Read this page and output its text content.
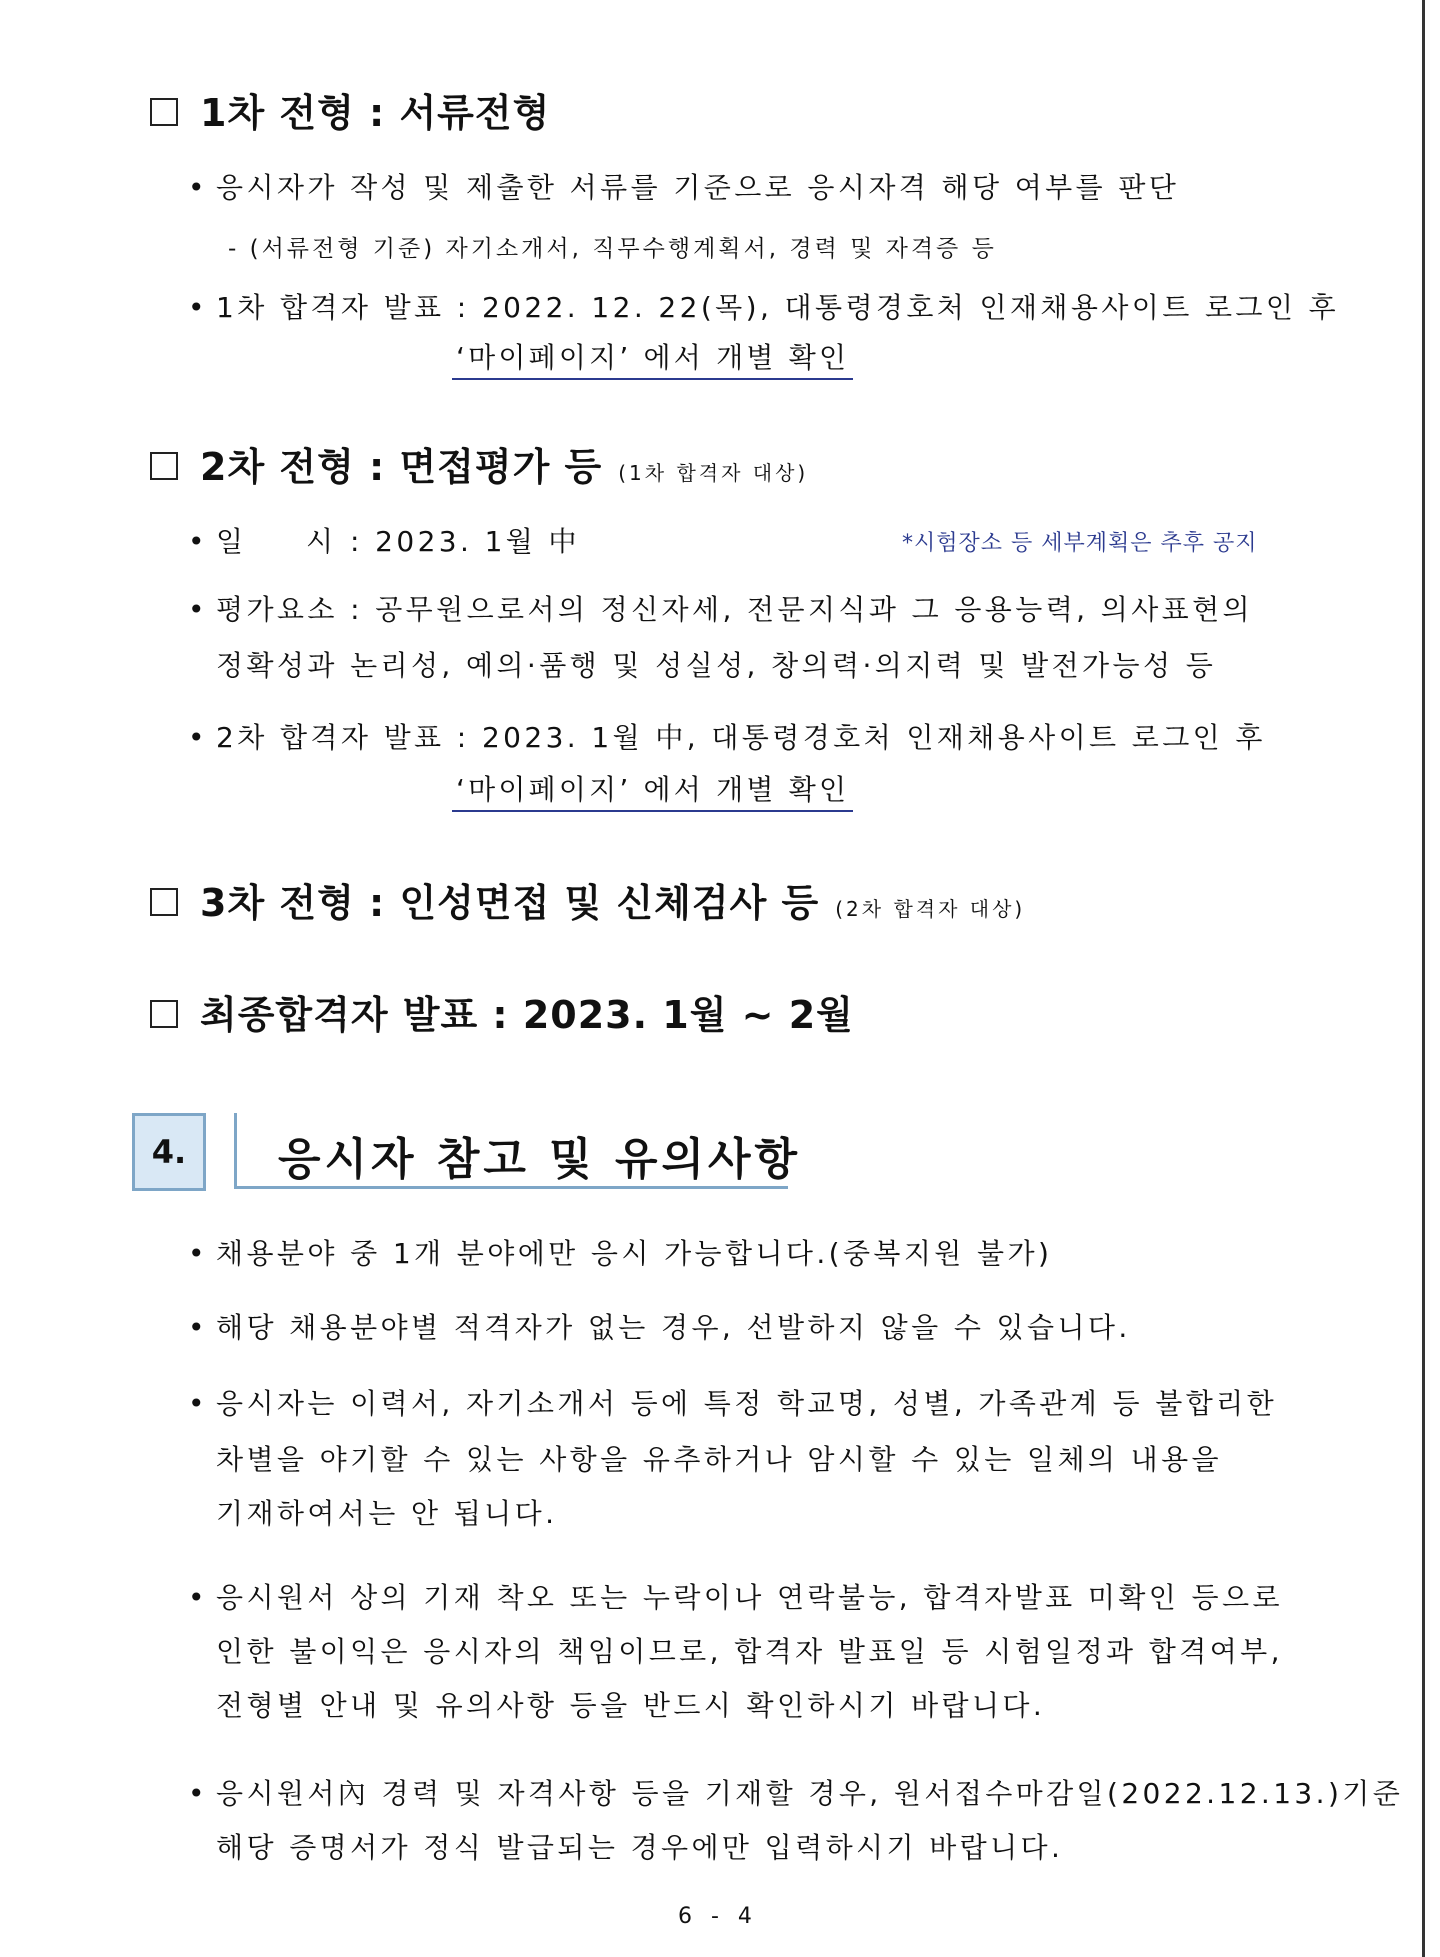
1차 전형 : 서류전형
• 응시자가 작성 및 제출한 서류를 기준으로 응시자격 해당 여부를 판단
- (서류전형 기준) 자기소개서, 직무수행계획서, 경력 및 자격증 등
• 1차 합격자 발표 : 2022. 12. 22(목), 대통령경호처 인재채용사이트 로그인 후
‘마이페이지’ 에서 개별 확인
2차 전형 : 면접평가 등 (1차 합격자 대상)
• 일 시 : 2023. 1월 中	*시험장소 등 세부계획은 추후 공지
• 평가요소 : 공무원으로서의 정신자세, 전문지식과 그 응용능력, 의사표현의
정확성과 논리성, 예의·품행 및 성실성, 창의력·의지력 및 발전가능성 등
• 2차 합격자 발표 : 2023. 1월 中, 대통령경호처 인재채용사이트 로그인 후
‘마이페이지’ 에서 개별 확인
3차 전형 : 인성면접 및 신체검사 등 (2차 합격자 대상)
최종합격자 발표 : 2023. 1월 ~ 2월
4. 응시자 참고 및 유의사항
• 채용분야 중 1개 분야에만 응시 가능합니다.(중복지원 불가)
• 해당 채용분야별 적격자가 없는 경우, 선발하지 않을 수 있습니다.
• 응시자는 이력서, 자기소개서 등에 특정 학교명, 성별, 가족관계 등 불합리한
차별을 야기할 수 있는 사항을 유추하거나 암시할 수 있는 일체의 내용을
기재하여서는 안 됩니다.
• 응시원서 상의 기재 착오 또는 누락이나 연락불능, 합격자발표 미확인 등으로
인한 불이익은 응시자의 책임이므로, 합격자 발표일 등 시험일정과 합격여부,
전형별 안내 및 유의사항 등을 반드시 확인하시기 바랍니다.
• 응시원서內 경력 및 자격사항 등을 기재할 경우, 원서접수마감일(2022.12.13.)기준
해당 증명서가 정식 발급되는 경우에만 입력하시기 바랍니다.
6 - 4
